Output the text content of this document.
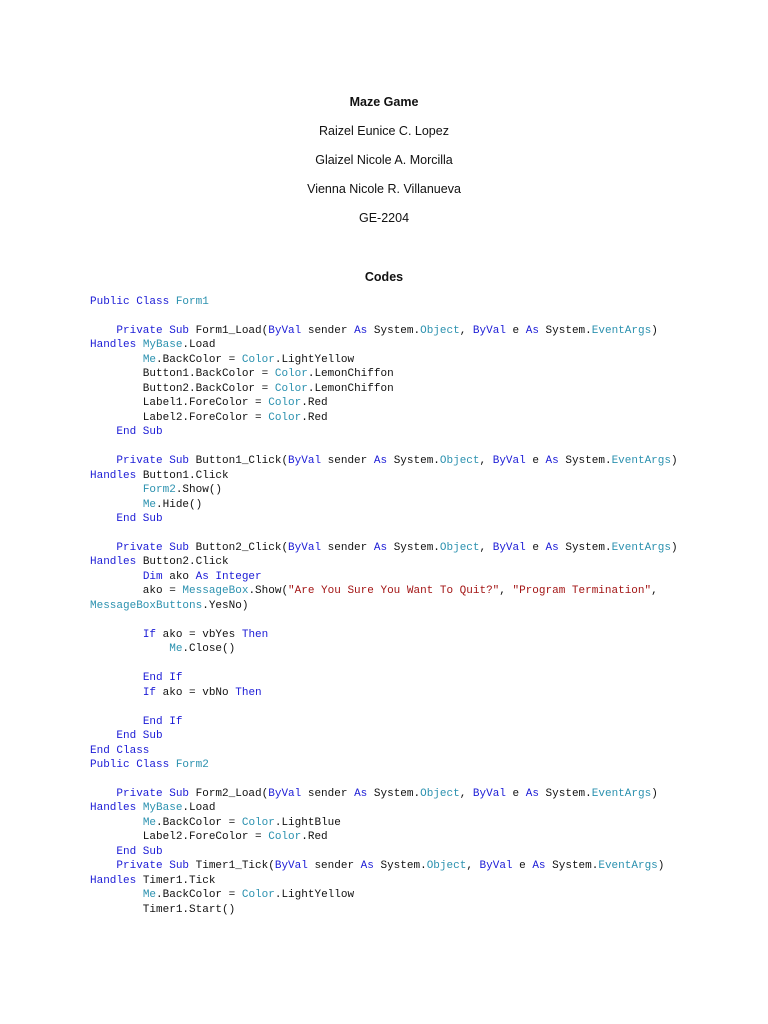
Maze Game
Raizel Eunice C. Lopez
Glaizel Nicole A. Morcilla
Vienna Nicole R. Villanueva
GE-2204
Codes
Public Class Form1
Private Sub Form1_Load(ByVal sender As System.Object, ByVal e As System.EventArgs)
Handles MyBase.Load
Me.BackColor = Color.LightYellow
Button1.BackColor = Color.LemonChiffon
Button2.BackColor = Color.LemonChiffon
Label1.ForeColor = Color.Red
Label2.ForeColor = Color.Red
End Sub
Private Sub Button1_Click(ByVal sender As System.Object, ByVal e As System.EventArgs)
Handles Button1.Click
Form2.Show()
Me.Hide()
End Sub
Private Sub Button2_Click(ByVal sender As System.Object, ByVal e As System.EventArgs)
Handles Button2.Click
Dim ako As Integer
ako = MessageBox.Show("Are You Sure You Want To Quit?", "Program Termination",
MessageBoxButtons.YesNo)
If ako = vbYes Then
Me.Close()
End If
If ako = vbNo Then
End If
End Sub
End Class
Public Class Form2
Private Sub Form2_Load(ByVal sender As System.Object, ByVal e As System.EventArgs)
Handles MyBase.Load
Me.BackColor = Color.LightBlue
Label2.ForeColor = Color.Red
End Sub
Private Sub Timer1_Tick(ByVal sender As System.Object, ByVal e As System.EventArgs)
Handles Timer1.Tick
Me.BackColor = Color.LightYellow
Timer1.Start()
